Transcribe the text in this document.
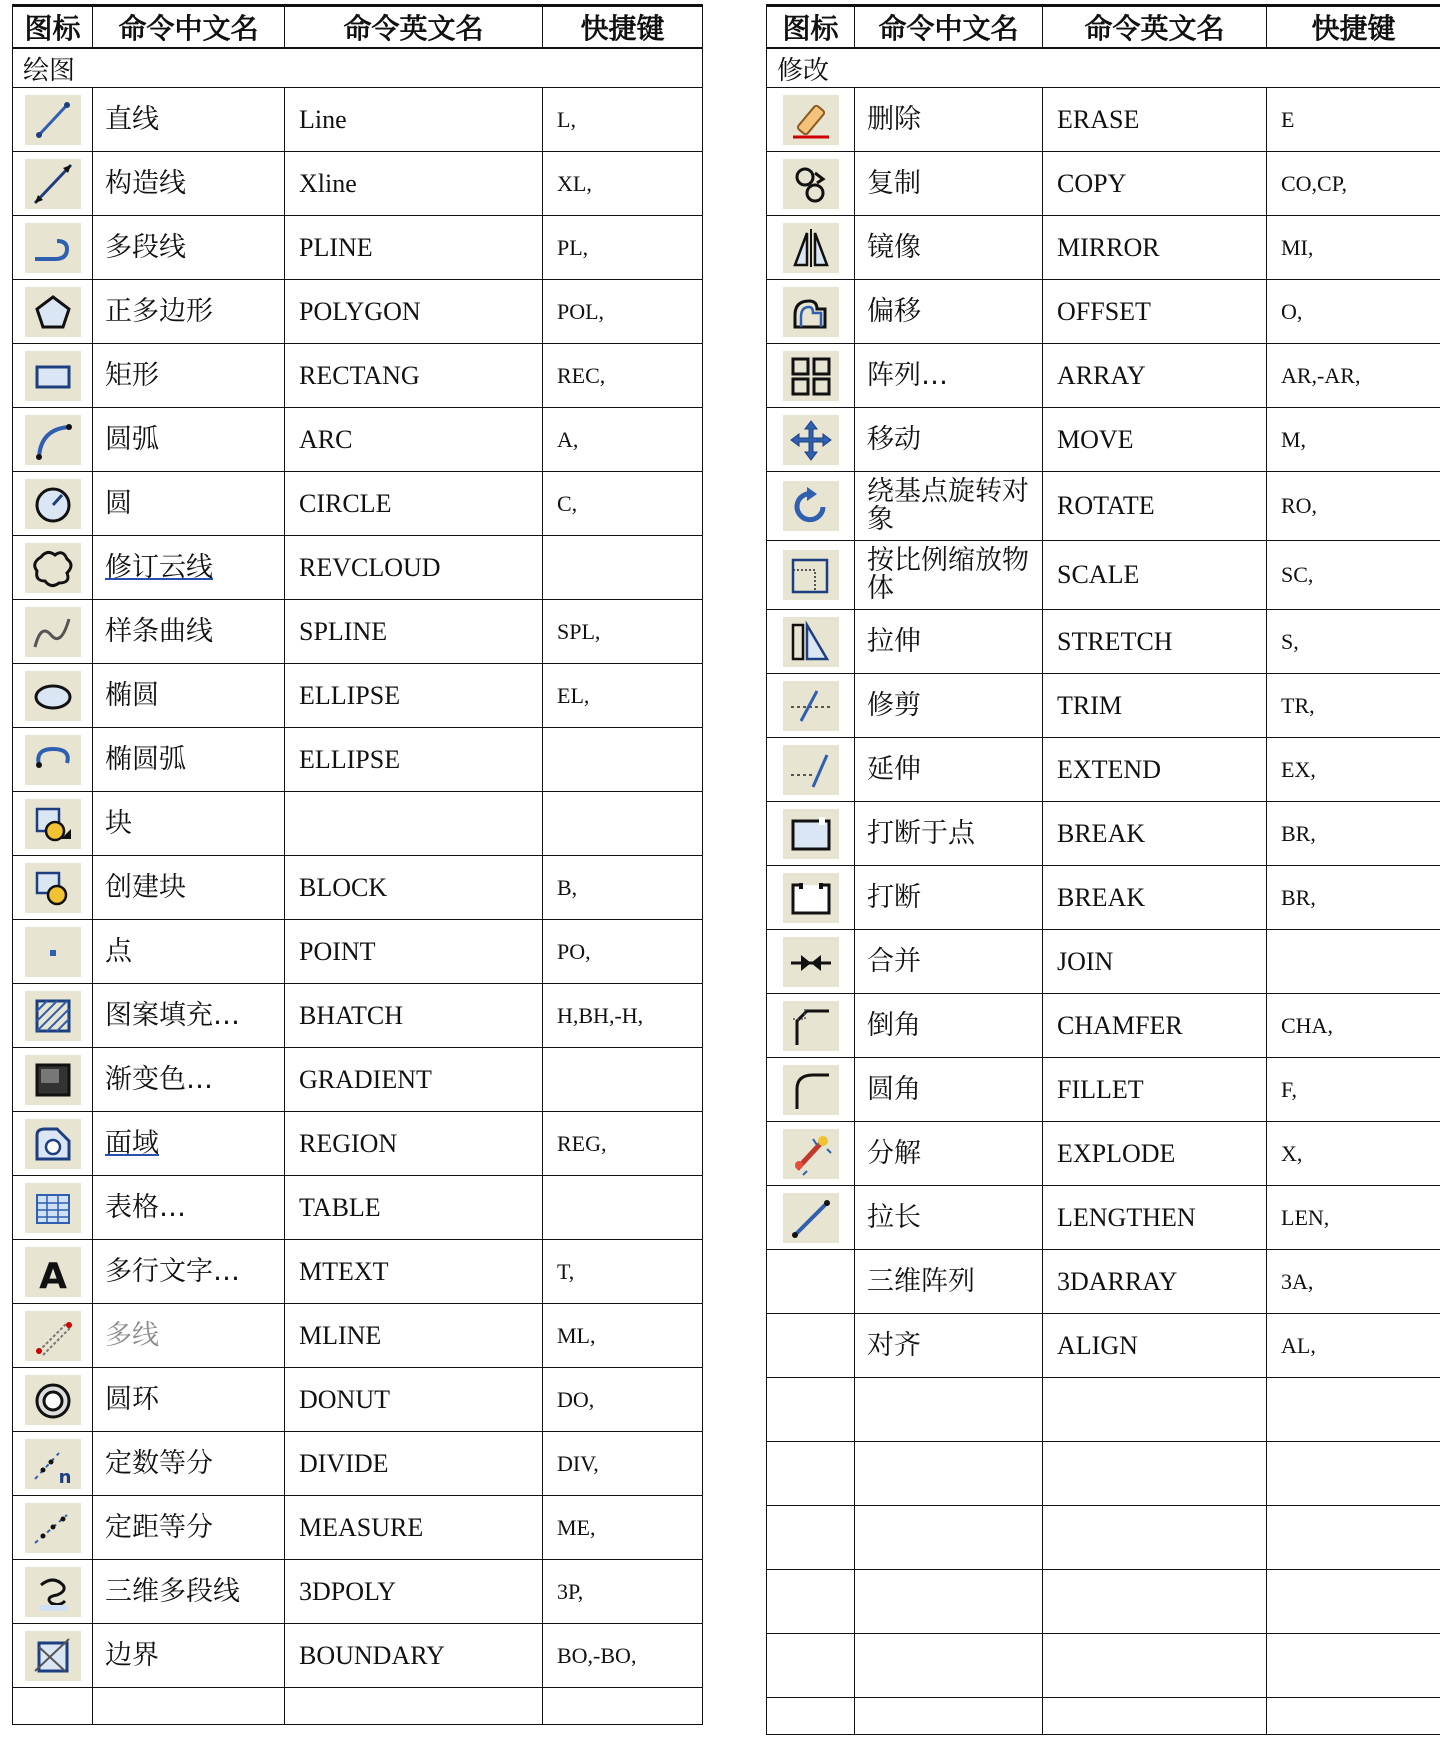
图标	命令中文名	命令英文名	快捷键
绘图			

	直线	Line	L,

	构造线	Xline	XL,

	多段线	PLINE	PL,

	正多边形	POLYGON	POL,

	矩形	RECTANG	REC,

	圆弧	ARC	A,

	圆	CIRCLE	C,

	修订云线	REVCLOUD	

	样条曲线	SPLINE	SPL,

	椭圆	ELLIPSE	EL,

	椭圆弧	ELLIPSE	

	块		

	创建块	BLOCK	B,

	点	POINT	PO,

	图案填充…	BHATCH	H,BH,-H,

	渐变色…	GRADIENT	

	面域	REGION	REG,

	表格…	TABLE	

A	多行文字…	MTEXT	T,

	多线	MLINE	ML,

	圆环	DONUT	DO,

n	定数等分	DIVIDE	DIV,

	定距等分	MEASURE	ME,

	三维多段线	3DPOLY	3P,

	边界	BOUNDARY	BO,-BO,

图标	命令中文名	命令英文名	快捷键
修改			

	删除	ERASE	E

	复制	COPY	CO,CP,

	镜像	MIRROR	MI,

	偏移	OFFSET	O,

	阵列…	ARRAY	AR,-AR,

	移动	MOVE	M,

	绕基点旋转对象	ROTATE	RO,

	按比例缩放物体	SCALE	SC,

	拉伸	STRETCH	S,

	修剪	TRIM	TR,

	延伸	EXTEND	EX,

	打断于点	BREAK	BR,

	打断	BREAK	BR,

	合并	JOIN	

	倒角	CHAMFER	CHA,

	圆角	FILLET	F,

	分解	EXPLODE	X,

	拉长	LENGTHEN	LEN,
	三维阵列	3DARRAY	3A,
	对齐	ALIGN	AL,
